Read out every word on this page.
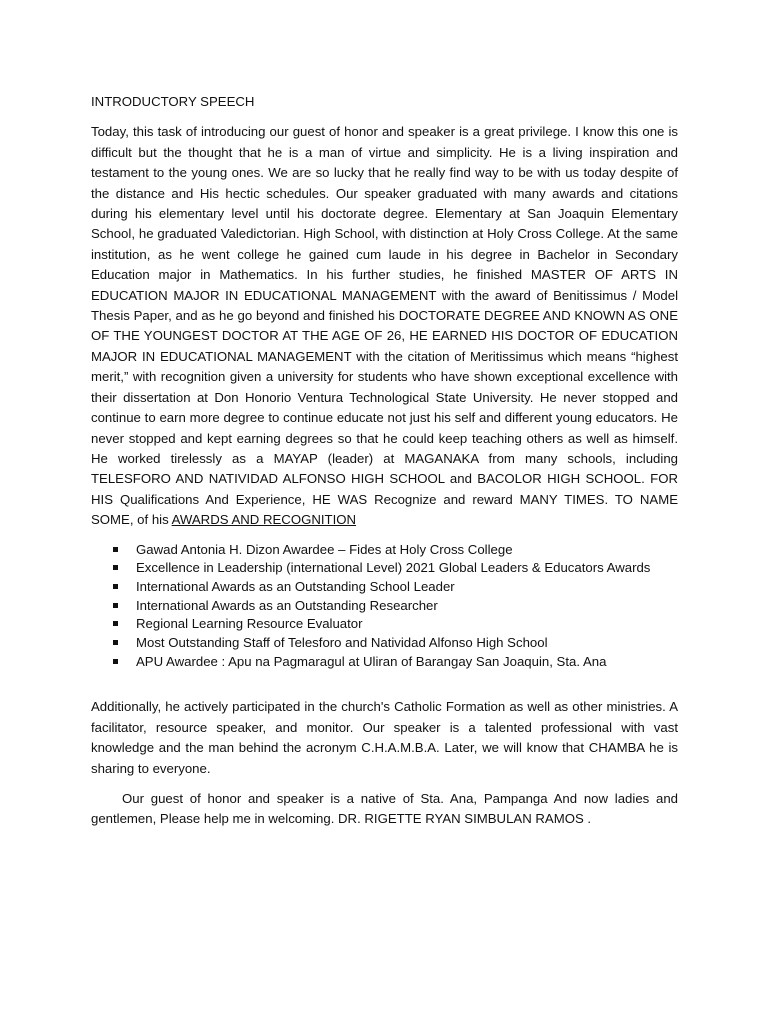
INTRODUCTORY SPEECH

Today, this task of introducing our guest of honor and speaker is a great privilege. I know this one is difficult but the thought that he is a man of virtue and simplicity. He is a living inspiration and testament to the young ones. We are so lucky that he really find way to be with us today despite of the distance and His hectic schedules. Our speaker graduated with many awards and citations during his elementary level until his doctorate degree. Elementary at San Joaquin Elementary School, he graduated Valedictorian. High School, with distinction at Holy Cross College. At the same institution, as he went college he gained cum laude in his degree in Bachelor in Secondary Education major in Mathematics. In his further studies, he finished MASTER OF ARTS IN EDUCATION MAJOR IN EDUCATIONAL MANAGEMENT with the award of Benitissimus / Model Thesis Paper, and as he go beyond and finished his DOCTORATE DEGREE AND KNOWN AS ONE OF THE YOUNGEST DOCTOR AT THE AGE OF 26, HE EARNED HIS DOCTOR OF EDUCATION MAJOR IN EDUCATIONAL MANAGEMENT with the citation of Meritissimus which means “highest merit,” with recognition given a university for students who have shown exceptional excellence with their dissertation at Don Honorio Ventura Technological State University. He never stopped and continue to earn more degree to continue educate not just his self and different young educators. He never stopped and kept earning degrees so that he could keep teaching others as well as himself. He worked tirelessly as a MAYAP (leader) at MAGANAKA from many schools, including TELESFORO AND NATIVIDAD ALFONSO HIGH SCHOOL and BACOLOR HIGH SCHOOL. FOR HIS Qualifications And Experience, HE WAS Recognize and reward MANY TIMES. TO NAME SOME, of his AWARDS AND RECOGNITION

Gawad Antonia H. Dizon Awardee – Fides at Holy Cross College
Excellence in Leadership (international Level) 2021 Global Leaders & Educators Awards
International Awards as an Outstanding School Leader
International Awards as an Outstanding Researcher
Regional Learning Resource Evaluator
Most Outstanding Staff of Telesforo and Natividad Alfonso High School
APU Awardee : Apu na Pagmaragul at Uliran of Barangay San Joaquin, Sta. Ana

Additionally, he actively participated in the church's Catholic Formation as well as other ministries. A facilitator, resource speaker, and monitor. Our speaker is a talented professional with vast knowledge and the man behind the acronym C.H.A.M.B.A. Later, we will know that CHAMBA he is sharing to everyone.

Our guest of honor and speaker is a native of Sta. Ana, Pampanga And now ladies and gentlemen, Please help me in welcoming. DR. RIGETTE RYAN SIMBULAN RAMOS .
